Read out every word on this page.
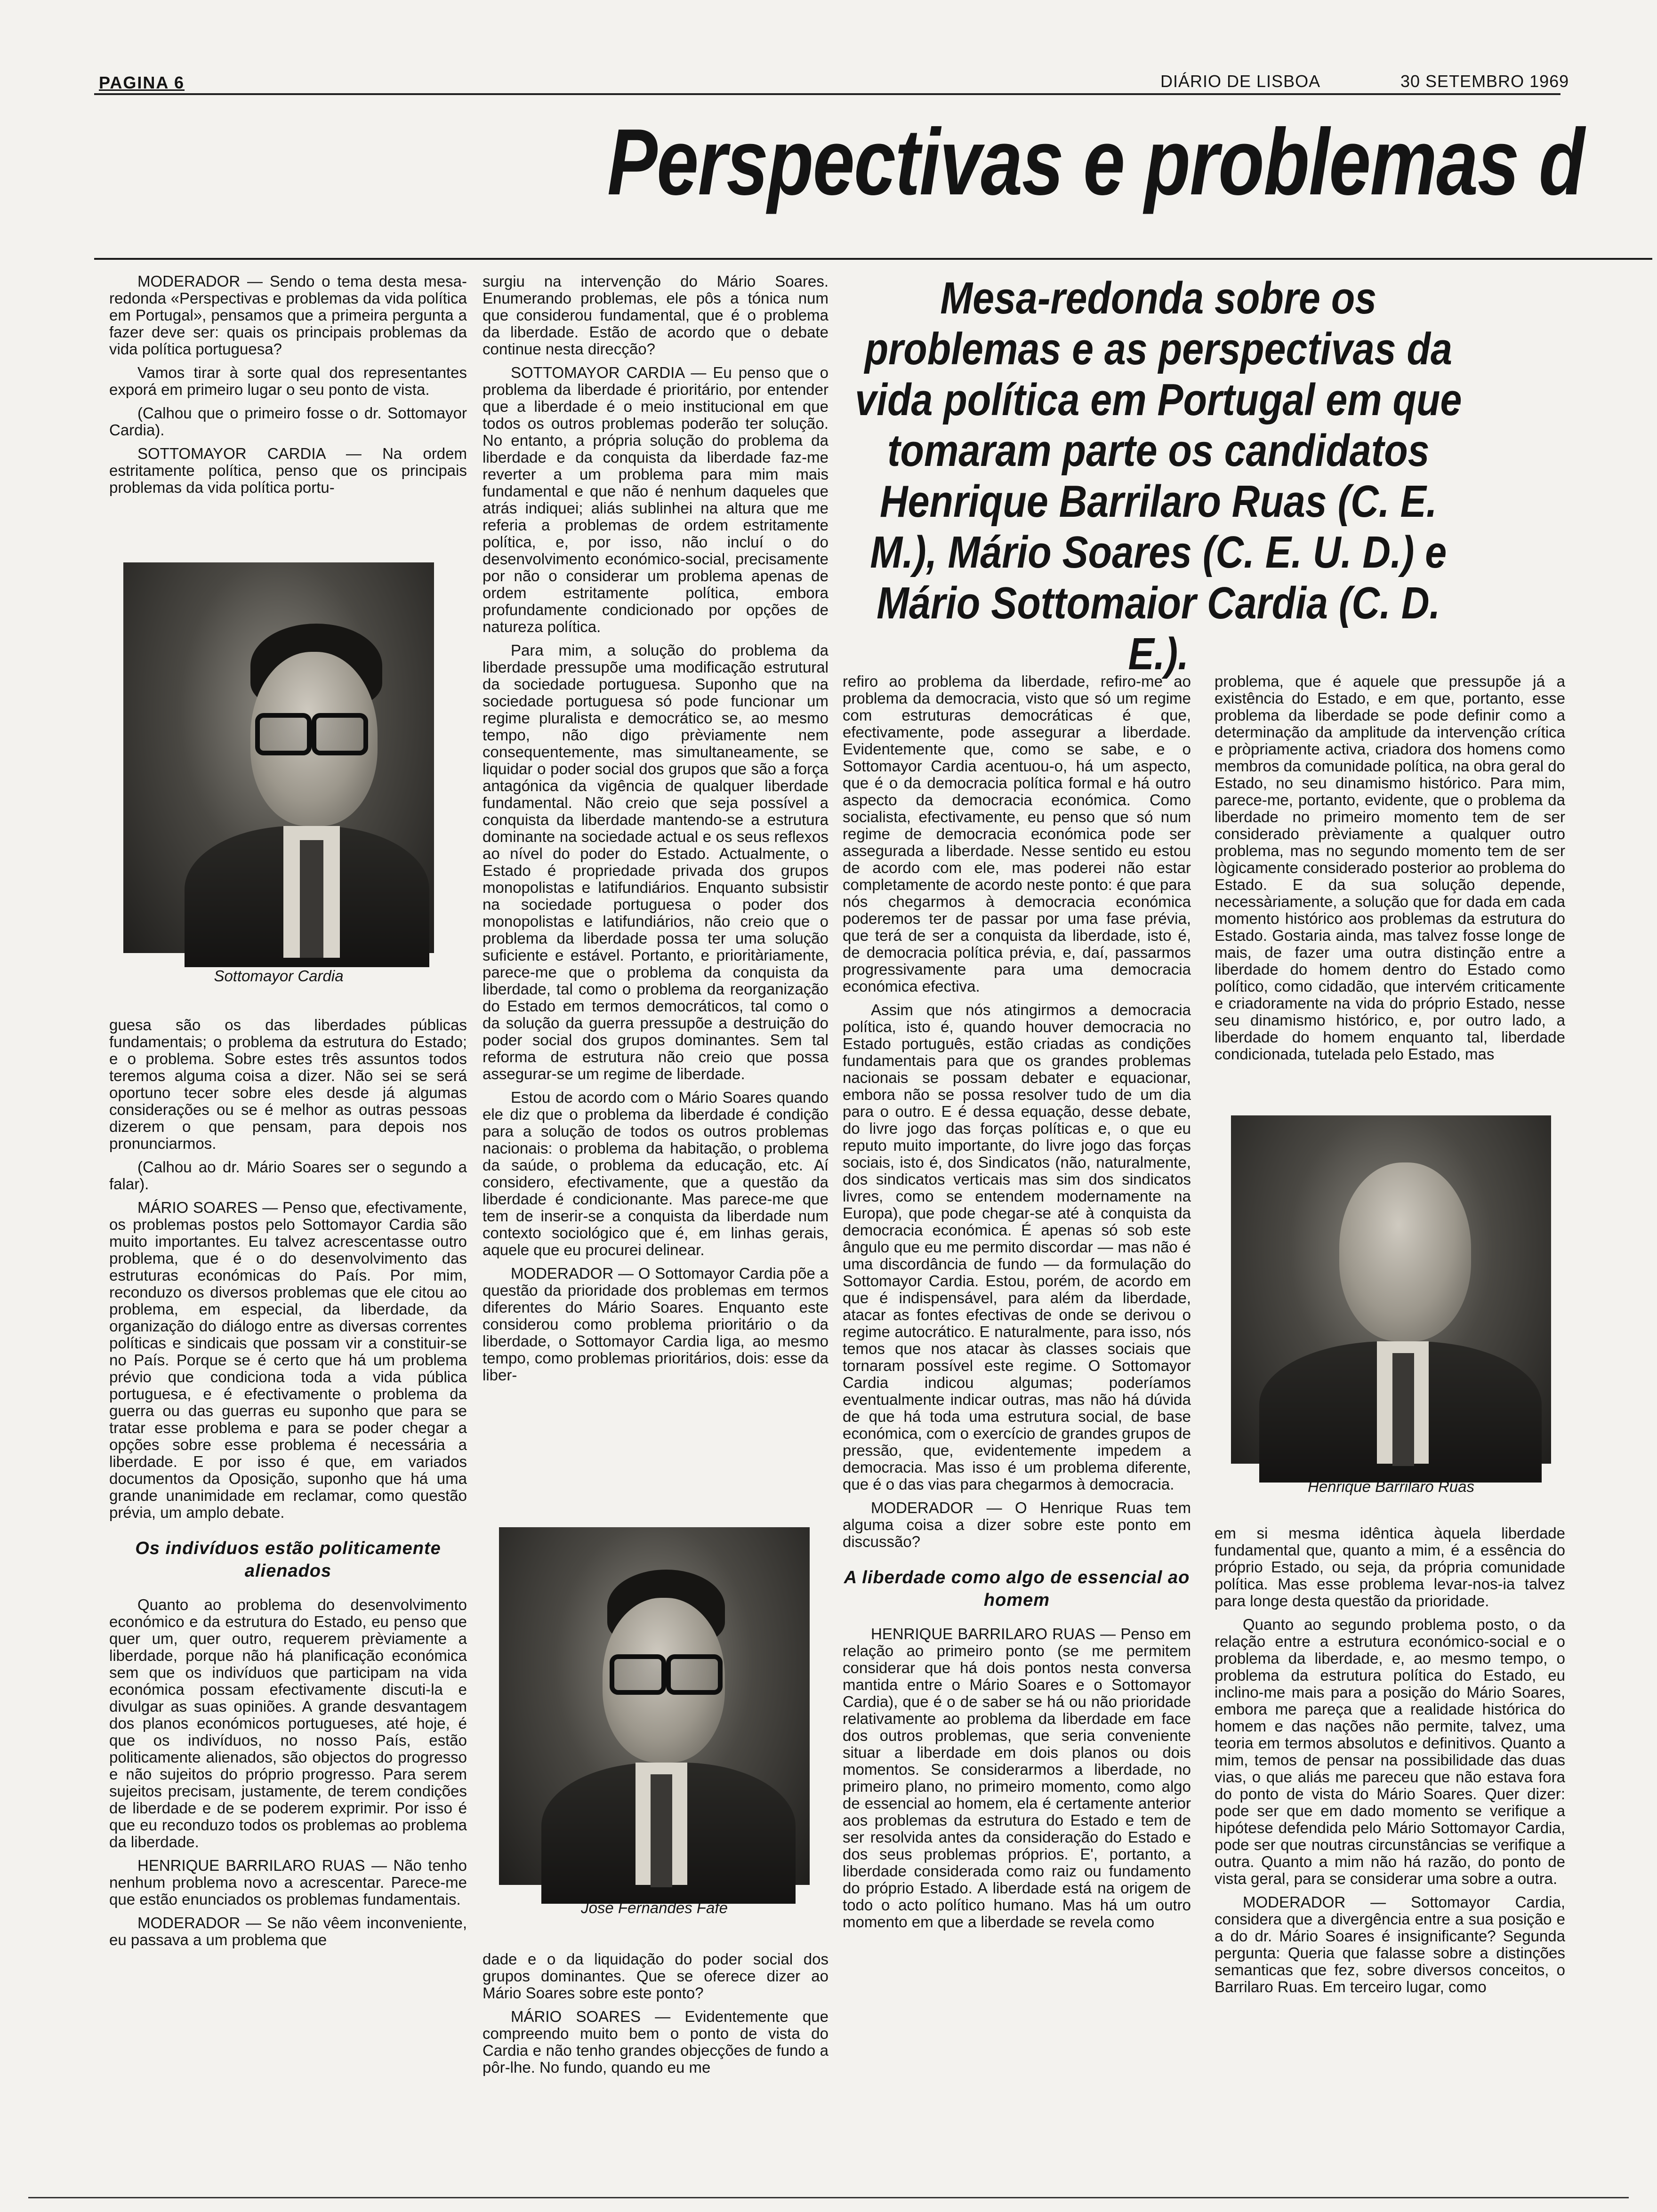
PAGINA 6	DIÁRIO DE LISBOA	30 SETEMBRO 1969
Perspectivas e problemas d
Mesa-redonda sobre os problemas e as perspectivas da vida política em Portugal em que tomaram parte os candidatos Henrique Barrilaro Ruas (C. E. M.), Mário Soares (C. E. U. D.) e Mário Sottomaior Cardia (C. D. E.).

MODERADOR — Sendo o tema desta mesa-redonda «Perspectivas e problemas da vida política em Portugal», pensamos que a primeira pergunta a fazer deve ser: quais os principais problemas da vida política portuguesa?

Vamos tirar à sorte qual dos representantes exporá em primeiro lugar o seu ponto de vista.

(Calhou que o primeiro fosse o dr. Sottomayor Cardia).

SOTTOMAYOR CARDIA — Na ordem estritamente política, penso que os principais problemas da vida política portu-

Sottomayor Cardia

guesa são os das liberdades públicas fundamentais; o problema da estrutura do Estado; e o problema. Sobre estes três assuntos todos teremos alguma coisa a dizer. Não sei se será oportuno tecer sobre eles desde já algumas considerações ou se é melhor as outras pessoas dizerem o que pensam, para depois nos pronunciarmos.

(Calhou ao dr. Mário Soares ser o segundo a falar).

MÁRIO SOARES — Penso que, efectivamente, os problemas postos pelo Sottomayor Cardia são muito importantes. Eu talvez acrescentasse outro problema, que é o do desenvolvimento das estruturas económicas do País. Por mim, reconduzo os diversos problemas que ele citou ao problema, em especial, da liberdade, da organização do diálogo entre as diversas correntes políticas e sindicais que possam vir a constituir-se no País. Porque se é certo que há um problema prévio que condiciona toda a vida pública portuguesa, e é efectivamente o problema da guerra ou das guerras eu suponho que para se tratar esse problema e para se poder chegar a opções sobre esse problema é necessária a liberdade. E por isso é que, em variados documentos da Oposição, suponho que há uma grande unanimidade em reclamar, como questão prévia, um amplo debate.

Os indivíduos estão politicamente alienados

Quanto ao problema do desenvolvimento económico e da estrutura do Estado, eu penso que quer um, quer outro, requerem prèviamente a liberdade, porque não há planificação económica sem que os indivíduos que participam na vida económica possam efectivamente discuti-la e divulgar as suas opiniões. A grande desvantagem dos planos económicos portugueses, até hoje, é que os indivíduos, no nosso País, estão politicamente alienados, são objectos do progresso e não sujeitos do próprio progresso. Para serem sujeitos precisam, justamente, de terem condições de liberdade e de se poderem exprimir. Por isso é que eu reconduzo todos os problemas ao problema da liberdade.

HENRIQUE BARRILARO RUAS — Não tenho nenhum problema novo a acrescentar. Parece-me que estão enunciados os problemas fundamentais.

MODERADOR — Se não vêem inconveniente, eu passava a um problema que

surgiu na intervenção do Mário Soares. Enumerando problemas, ele pôs a tónica num que considerou fundamental, que é o problema da liberdade. Estão de acordo que o debate continue nesta direcção?

SOTTOMAYOR CARDIA — Eu penso que o problema da liberdade é prioritário, por entender que a liberdade é o meio institucional em que todos os outros problemas poderão ter solução. No entanto, a própria solução do problema da liberdade e da conquista da liberdade faz-me reverter a um problema para mim mais fundamental e que não é nenhum daqueles que atrás indiquei; aliás sublinhei na altura que me referia a problemas de ordem estritamente política, e, por isso, não incluí o do desenvolvimento económico-social, precisamente por não o considerar um problema apenas de ordem estritamente política, embora profundamente condicionado por opções de natureza política.

Para mim, a solução do problema da liberdade pressupõe uma modificação estrutural da sociedade portuguesa. Suponho que na sociedade portuguesa só pode funcionar um regime pluralista e democrático se, ao mesmo tempo, não digo prèviamente nem consequentemente, mas simultaneamente, se liquidar o poder social dos grupos que são a força antagónica da vigência de qualquer liberdade fundamental. Não creio que seja possível a conquista da liberdade mantendo-se a estrutura dominante na sociedade actual e os seus reflexos ao nível do poder do Estado. Actualmente, o Estado é propriedade privada dos grupos monopolistas e latifundiários. Enquanto subsistir na sociedade portuguesa o poder dos monopolistas e latifundiários, não creio que o problema da liberdade possa ter uma solução suficiente e estável. Portanto, e prioritàriamente, parece-me que o problema da conquista da liberdade, tal como o problema da reorganização do Estado em termos democráticos, tal como o da solução da guerra pressupõe a destruição do poder social dos grupos dominantes. Sem tal reforma de estrutura não creio que possa assegurar-se um regime de liberdade.

Estou de acordo com o Mário Soares quando ele diz que o problema da liberdade é condição para a solução de todos os outros problemas nacionais: o problema da habitação, o problema da saúde, o problema da educação, etc. Aí considero, efectivamente, que a questão da liberdade é condicionante. Mas parece-me que tem de inserir-se a conquista da liberdade num contexto sociológico que é, em linhas gerais, aquele que eu procurei delinear.

MODERADOR — O Sottomayor Cardia põe a questão da prioridade dos problemas em termos diferentes do Mário Soares. Enquanto este considerou como problema prioritário o da liberdade, o Sottomayor Cardia liga, ao mesmo tempo, como problemas prioritários, dois: esse da liber-

José Fernandes Fafe

dade e o da liquidação do poder social dos grupos dominantes. Que se oferece dizer ao Mário Soares sobre este ponto?

MÁRIO SOARES — Evidentemente que compreendo muito bem o ponto de vista do Cardia e não tenho grandes objecções de fundo a pôr-lhe. No fundo, quando eu me

refiro ao problema da liberdade, refiro-me ao problema da democracia, visto que só um regime com estruturas democráticas é que, efectivamente, pode assegurar a liberdade. Evidentemente que, como se sabe, e o Sottomayor Cardia acentuou-o, há um aspecto, que é o da democracia política formal e há outro aspecto da democracia económica. Como socialista, efectivamente, eu penso que só num regime de democracia económica pode ser assegurada a liberdade. Nesse sentido eu estou de acordo com ele, mas poderei não estar completamente de acordo neste ponto: é que para nós chegarmos à democracia económica poderemos ter de passar por uma fase prévia, que terá de ser a conquista da liberdade, isto é, de democracia política prévia, e, daí, passarmos progressivamente para uma democracia económica efectiva.

Assim que nós atingirmos a democracia política, isto é, quando houver democracia no Estado português, estão criadas as condições fundamentais para que os grandes problemas nacionais se possam debater e equacionar, embora não se possa resolver tudo de um dia para o outro. E é dessa equação, desse debate, do livre jogo das forças políticas e, o que eu reputo muito importante, do livre jogo das forças sociais, isto é, dos Sindicatos (não, naturalmente, dos sindicatos verticais mas sim dos sindicatos livres, como se entendem modernamente na Europa), que pode chegar-se até à conquista da democracia económica. É apenas só sob este ângulo que eu me permito discordar — mas não é uma discordância de fundo — da formulação do Sottomayor Cardia. Estou, porém, de acordo em que é indispensável, para além da liberdade, atacar as fontes efectivas de onde se derivou o regime autocrático. E naturalmente, para isso, nós temos que nos atacar às classes sociais que tornaram possível este regime. O Sottomayor Cardia indicou algumas; poderíamos eventualmente indicar outras, mas não há dúvida de que há toda uma estrutura social, de base económica, com o exercício de grandes grupos de pressão, que, evidentemente impedem a democracia. Mas isso é um problema diferente, que é o das vias para chegarmos à democracia.

MODERADOR — O Henrique Ruas tem alguma coisa a dizer sobre este ponto em discussão?

A liberdade como algo de essencial ao homem

HENRIQUE BARRILARO RUAS — Penso em relação ao primeiro ponto (se me permitem considerar que há dois pontos nesta conversa mantida entre o Mário Soares e o Sottomayor Cardia), que é o de saber se há ou não prioridade relativamente ao problema da liberdade em face dos outros problemas, que seria conveniente situar a liberdade em dois planos ou dois momentos. Se considerarmos a liberdade, no primeiro plano, no primeiro momento, como algo de essencial ao homem, ela é certamente anterior aos problemas da estrutura do Estado e tem de ser resolvida antes da consideração do Estado e dos seus problemas próprios. E', portanto, a liberdade considerada como raiz ou fundamento do próprio Estado. A liberdade está na origem de todo o acto político humano. Mas há um outro momento em que a liberdade se revela como

problema, que é aquele que pressupõe já a existência do Estado, e em que, portanto, esse problema da liberdade se pode definir como a determinação da amplitude da intervenção crítica e pròpriamente activa, criadora dos homens como membros da comunidade política, na obra geral do Estado, no seu dinamismo histórico. Para mim, parece-me, portanto, evidente, que o problema da liberdade no primeiro momento tem de ser considerado prèviamente a qualquer outro problema, mas no segundo momento tem de ser lògicamente considerado posterior ao problema do Estado. E da sua solução depende, necessàriamente, a solução que for dada em cada momento histórico aos problemas da estrutura do Estado. Gostaria ainda, mas talvez fosse longe de mais, de fazer uma outra distinção entre a liberdade do homem dentro do Estado como político, como cidadão, que intervém criticamente e criadoramente na vida do próprio Estado, nesse seu dinamismo histórico, e, por outro lado, a liberdade do homem enquanto tal, liberdade condicionada, tutelada pelo Estado, mas

Henrique Barrilaro Ruas

em si mesma idêntica àquela liberdade fundamental que, quanto a mim, é a essência do próprio Estado, ou seja, da própria comunidade política. Mas esse problema levar-nos-ia talvez para longe desta questão da prioridade.

Quanto ao segundo problema posto, o da relação entre a estrutura económico-social e o problema da liberdade, e, ao mesmo tempo, o problema da estrutura política do Estado, eu inclino-me mais para a posição do Mário Soares, embora me pareça que a realidade histórica do homem e das nações não permite, talvez, uma teoria em termos absolutos e definitivos. Quanto a mim, temos de pensar na possibilidade das duas vias, o que aliás me pareceu que não estava fora do ponto de vista do Mário Soares. Quer dizer: pode ser que em dado momento se verifique a hipótese defendida pelo Mário Sottomayor Cardia, pode ser que noutras circunstâncias se verifique a outra. Quanto a mim não há razão, do ponto de vista geral, para se considerar uma sobre a outra.

MODERADOR — Sottomayor Cardia, considera que a divergência entre a sua posição e a do dr. Mário Soares é insignificante? Segunda pergunta: Queria que falasse sobre a distinções semanticas que fez, sobre diversos conceitos, o Barrilaro Ruas. Em terceiro lugar, como
